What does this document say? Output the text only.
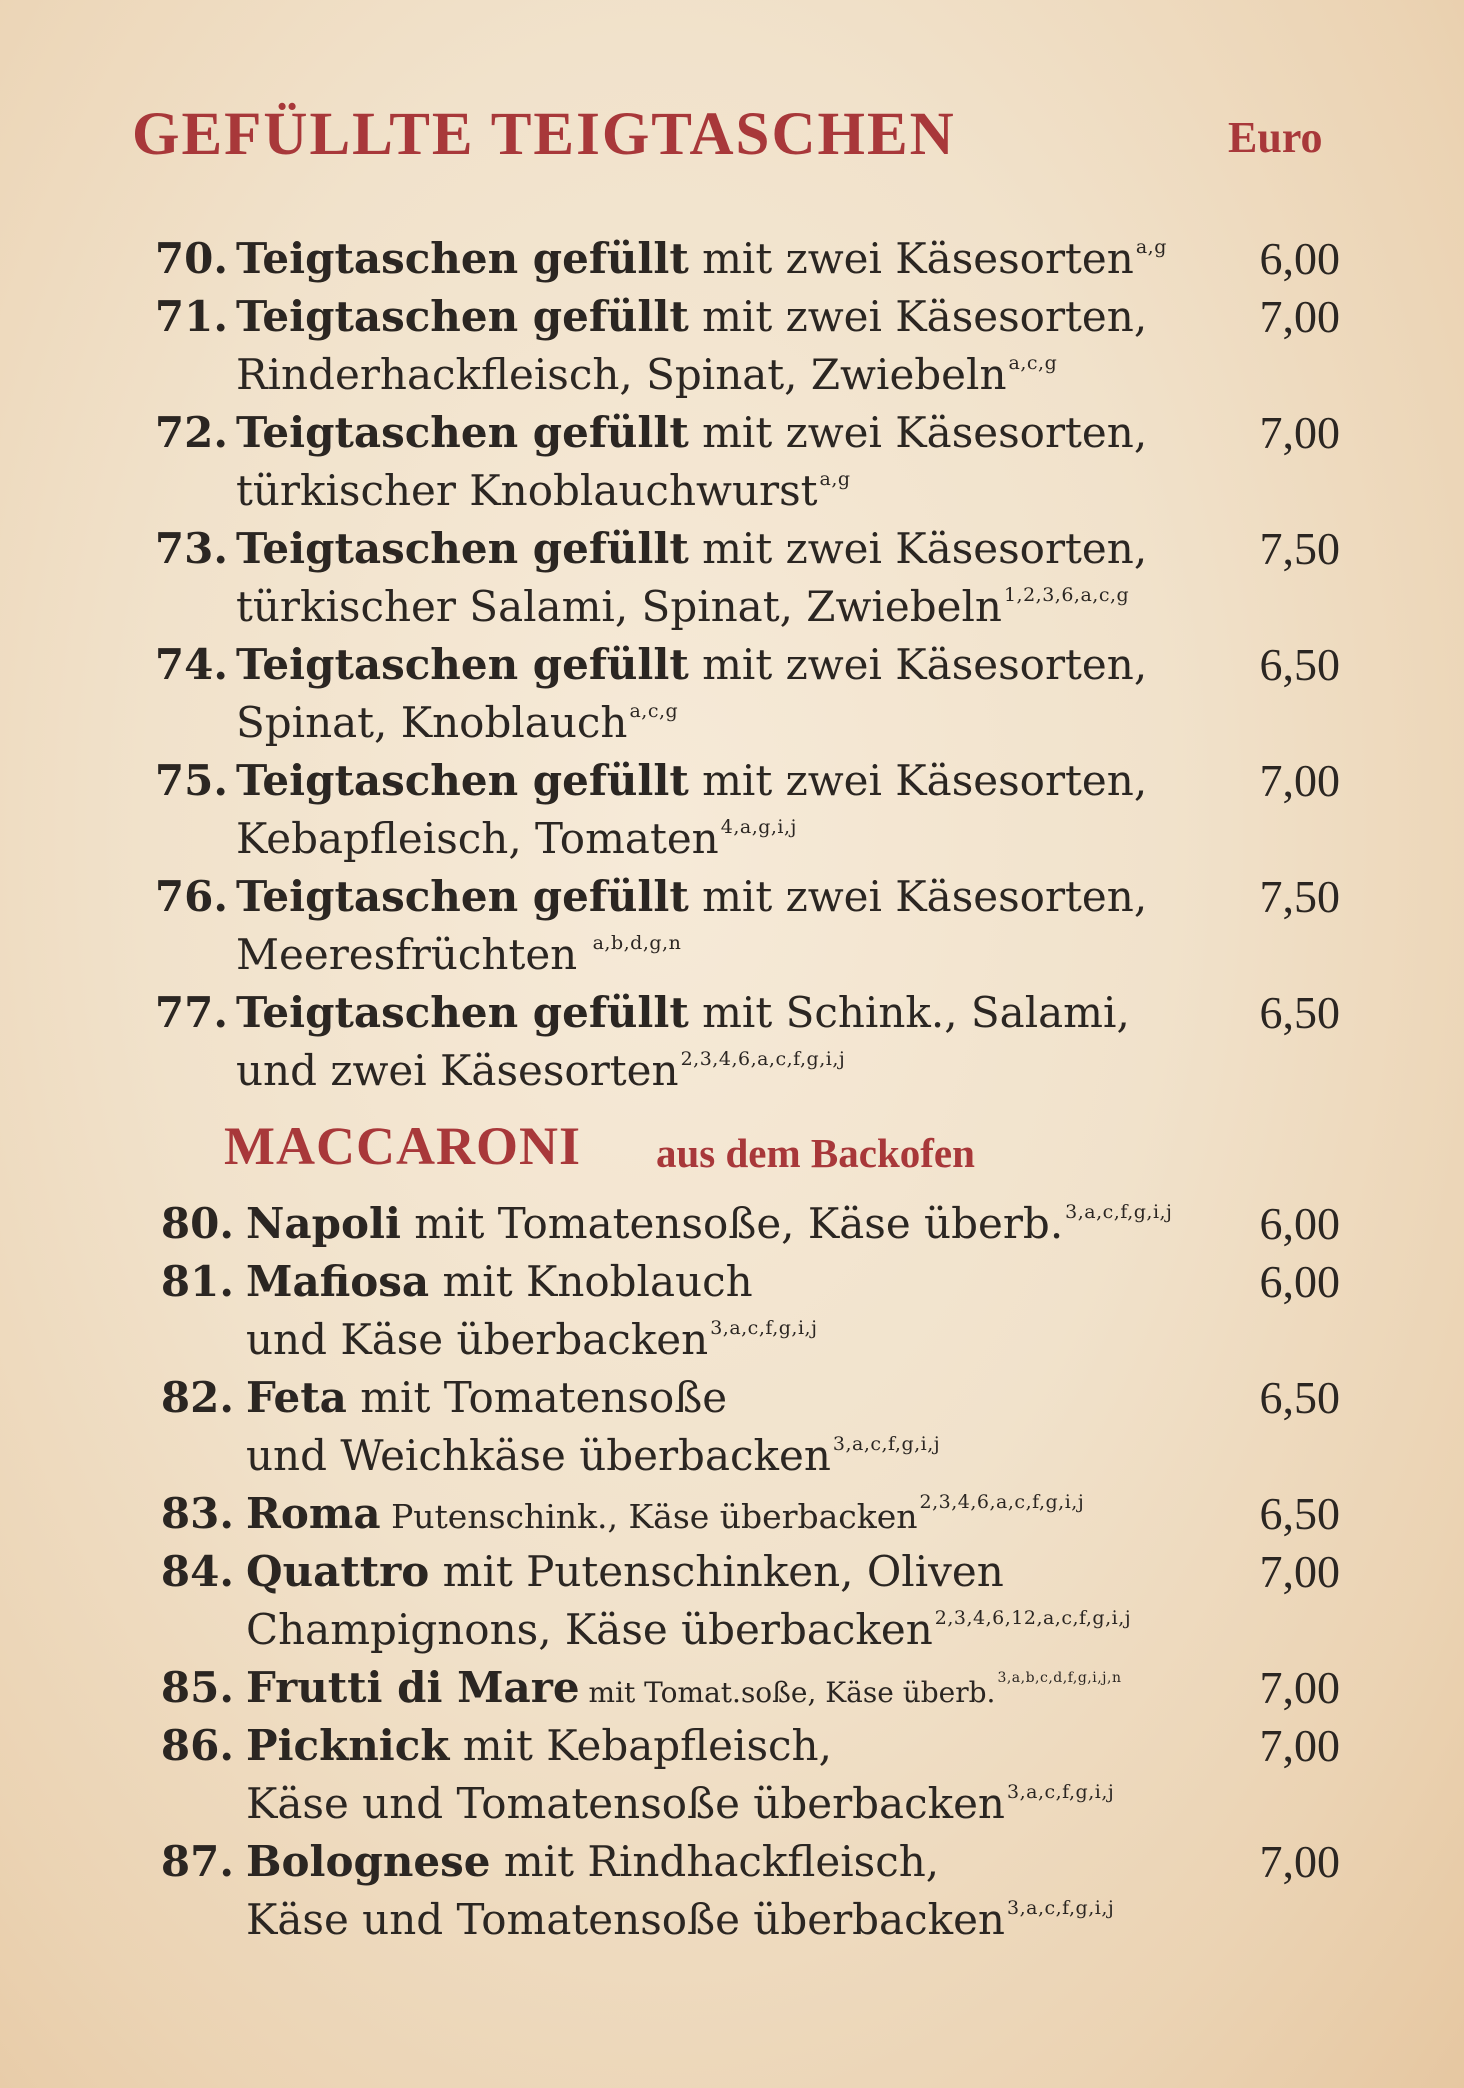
GEFÜLLTE TEIGTASCHEN	Euro
70. Teigtaschen gefüllt mit zwei Käsesorten $^{a,g}$	6,00
71. Teigtaschen gefüllt mit zwei Käsesorten,	7,00
Rinderhackfleisch, Spinat, Zwiebeln $^{a,c,g}$
72. Teigtaschen gefüllt mit zwei Käsesorten,	7,00
türkischer Knoblauchwurst $^{a,g}$
73. Teigtaschen gefüllt mit zwei Käsesorten,	7,50
türkischer Salami, Spinat, Zwiebeln $^{1,2,3,6,a,c,g}$
74. Teigtaschen gefüllt mit zwei Käsesorten,	6,50
Spinat, Knoblauch $^{a,c,g}$
75. Teigtaschen gefüllt mit zwei Käsesorten,	7,00
Kebapfleisch, Tomaten $^{4,a,g,i,j}$
76. Teigtaschen gefüllt mit zwei Käsesorten,	7,50
Meeresfrüchten $^{a,b,d,g,n}$
77. Teigtaschen gefüllt mit Schink., Salami,	6,50
und zwei Käsesorten $^{2,3,4,6,a,c,f,g,i,j}$
MACCARONI aus dem Backofen
80. Napoli mit Tomatensoße, Käse überb. $^{3,a,c,f,g,i,j}$	6,00
81. Mafiosa mit Knoblauch	6,00
und Käse überbacken $^{3,a,c,f,g,i,j}$
82. Feta mit Tomatensoße	6,50
und Weichkäse überbacken $^{3,a,c,f,g,i,j}$
83. Roma Putenschink., Käse überbacken $^{2,3,4,6,a,c,f,g,i,j}$	6,50
84. Quattro mit Putenschinken, Oliven	7,00
Champignons, Käse überbacken $^{2,3,4,6,12,a,c,f,g,i,j}$
85. Frutti di Mare mit Tomat.soße, Käse überb. $^{3,a,b,c,d,f,g,i,j,n}$	7,00
86. Picknick mit Kebapfleisch,	7,00
Käse und Tomatensoße überbacken $^{3,a,c,f,g,i,j}$
87. Bolognese mit Rindhackfleisch,	7,00
Käse und Tomatensoße überbacken $^{3,a,c,f,g,i,j}$
